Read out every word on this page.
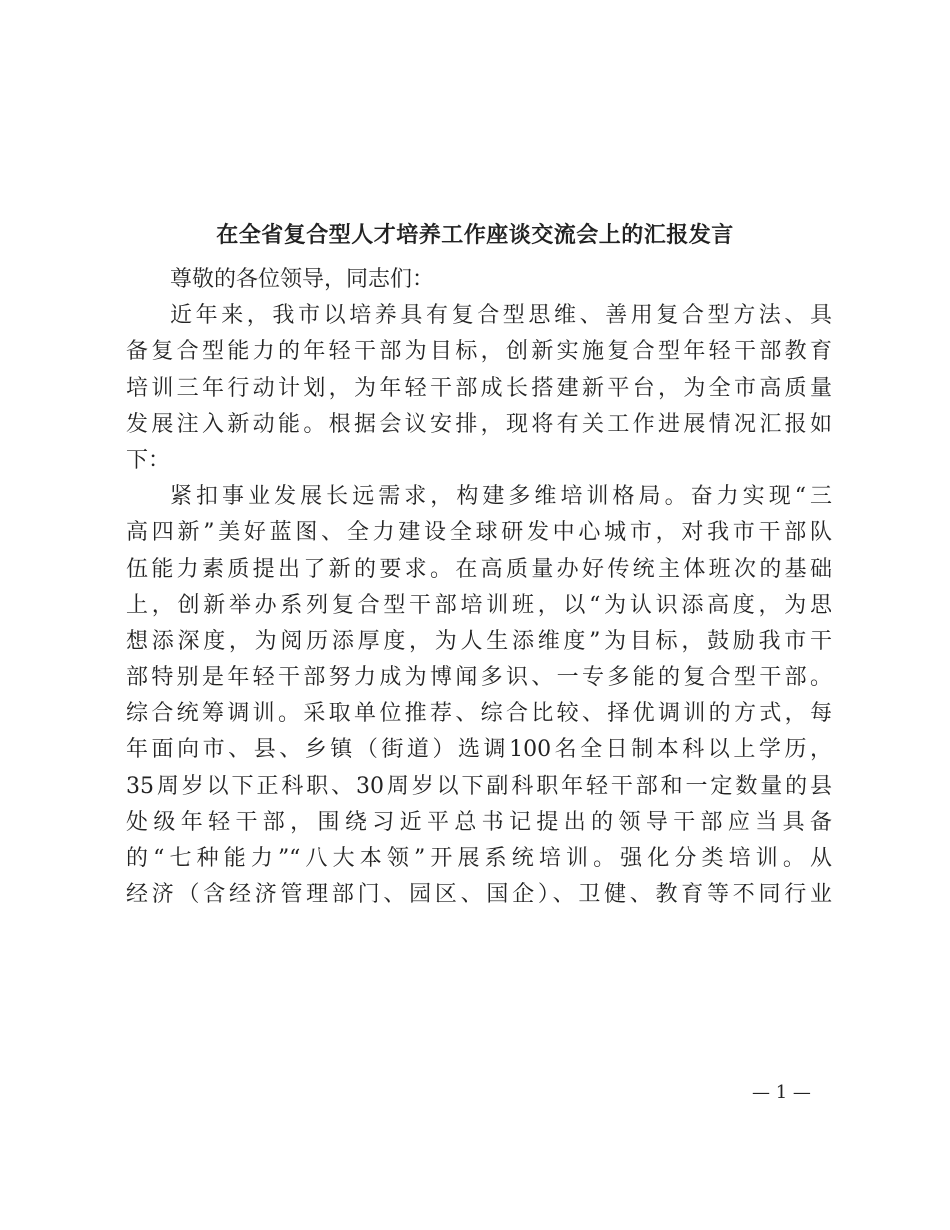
在全省复合型人才培养工作座谈交流会上的汇报发言
尊敬的各位领导，同志们：
近年来，我市以培养具有复合型思维、善用复合型方法、具
备复合型能力的年轻干部为目标，创新实施复合型年轻干部教育
培训三年行动计划，为年轻干部成长搭建新平台，为全市高质量
发展注入新动能。根据会议安排，现将有关工作进展情况汇报如
下：
紧扣事业发展长远需求，构建多维培训格局。奋力实现“三
高四新”美好蓝图、全力建设全球研发中心城市，对我市干部队
伍能力素质提出了新的要求。在高质量办好传统主体班次的基础
上，创新举办系列复合型干部培训班，以“为认识添高度，为思
想添深度，为阅历添厚度，为人生添维度”为目标，鼓励我市干
部特别是年轻干部努力成为博闻多识、一专多能的复合型干部。
综合统筹调训。采取单位推荐、综合比较、择优调训的方式，每
年面向市、县、乡镇（街道）选调100名全日制本科以上学历，
35周岁以下正科职、30周岁以下副科职年轻干部和一定数量的县
处级年轻干部，围绕习近平总书记提出的领导干部应当具备
的“七种能力”“八大本领”开展系统培训。强化分类培训。从
经济（含经济管理部门、园区、国企）、卫健、教育等不同行业
— 1 —
